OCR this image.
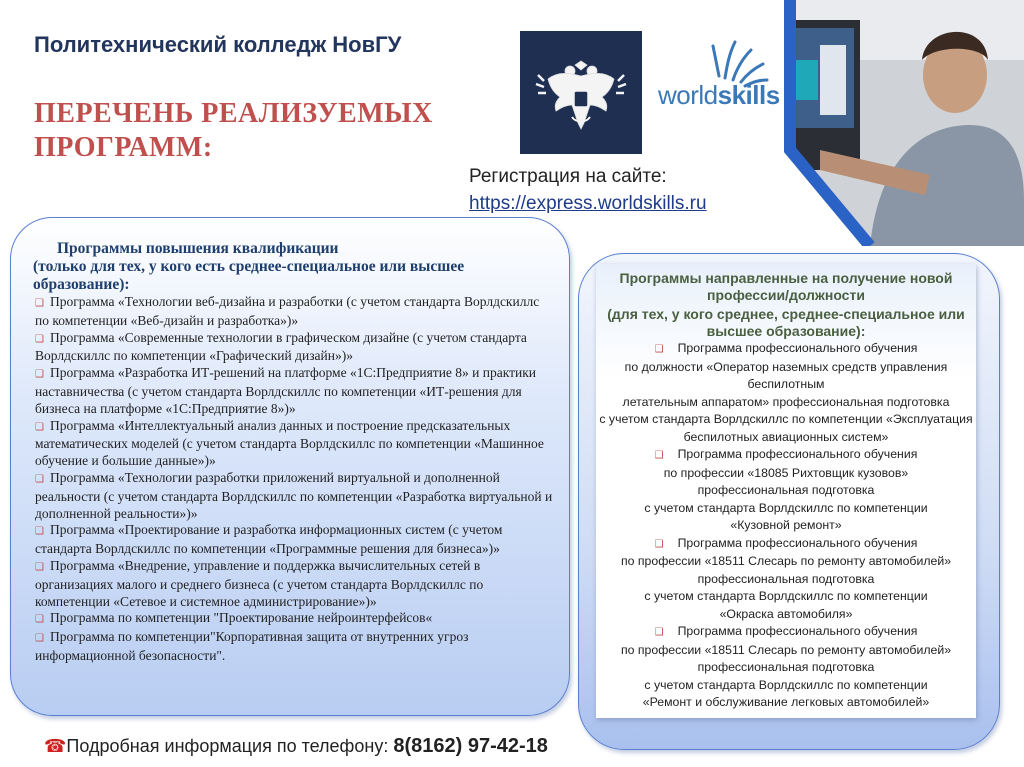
Политехнический колледж НовГУ
ПЕРЕЧЕНЬ РЕАЛИЗУЕМЫХ
ПРОГРАММ:
worldskills
Регистрация на сайте:
https://express.worldskills.ru
Программы повышения квалификации
(только для тех, у кого есть среднее-специальное или высшее образование):

❑ Программа «Технологии веб-дизайна и разработки (с учетом стандарта Ворлдскиллс по компетенции «Веб-дизайн и разработка»)»

❑ Программа «Современные технологии в графическом дизайне (с учетом стандарта Ворлдскиллс по компетенции «Графический дизайн»)»

❑ Программа «Разработка ИТ-решений на платформе «1С:Предприятие 8» и практики наставничества (с учетом стандарта Ворлдскиллс по компетенции «ИТ-решения для бизнеса на платформе «1С:Предприятие 8»)»

❑ Программа «Интеллектуальный анализ данных и построение предсказательных математических моделей (с учетом стандарта Ворлдскиллс по компетенции «Машинное обучение и большие данные»)»

❑ Программа «Технологии разработки приложений виртуальной и дополненной реальности (с учетом стандарта Ворлдскиллс по компетенции «Разработка виртуальной и дополненной реальности»)»

❑ Программа «Проектирование и разработка информационных систем (с учетом стандарта Ворлдскиллс по компетенции «Программные решения для бизнеса»)»

❑ Программа «Внедрение, управление и поддержка вычислительных сетей в организациях малого и среднего бизнеса (с учетом стандарта Ворлдскиллс по компетенции «Сетевое и системное администрирование»)»

❑ Программа по компетенции "Проектирование нейроинтерфейсов«

❑ Программа по компетенции"Корпоративная защита от внутренних угроз информационной безопасности".

Программы направленные на получение новой профессии/должности
(для тех, у кого среднее, среднее-специальное или высшее образование):
❑ Программа профессионального обучения
по должности «Оператор наземных средств управления беспилотным
летательным аппаратом» профессиональная подготовка
с учетом стандарта Ворлдскиллс по компетенции «Эксплуатация
беспилотных авиационных систем»
❑ Программа профессионального обучения
по профессии «18085 Рихтовщик кузовов»
профессиональная подготовка
с учетом стандарта Ворлдскиллс по компетенции
«Кузовной ремонт»
❑ Программа профессионального обучения
по профессии «18511 Слесарь по ремонту автомобилей»
профессиональная подготовка
с учетом стандарта Ворлдскиллс по компетенции
«Окраска автомобиля»
❑ Программа профессионального обучения
по профессии «18511 Слесарь по ремонту автомобилей»
профессиональная подготовка
с учетом стандарта Ворлдскиллс по компетенции
«Ремонт и обслуживание легковых автомобилей»
☎Подробная информация по телефону: 8(8162) 97-42-18
